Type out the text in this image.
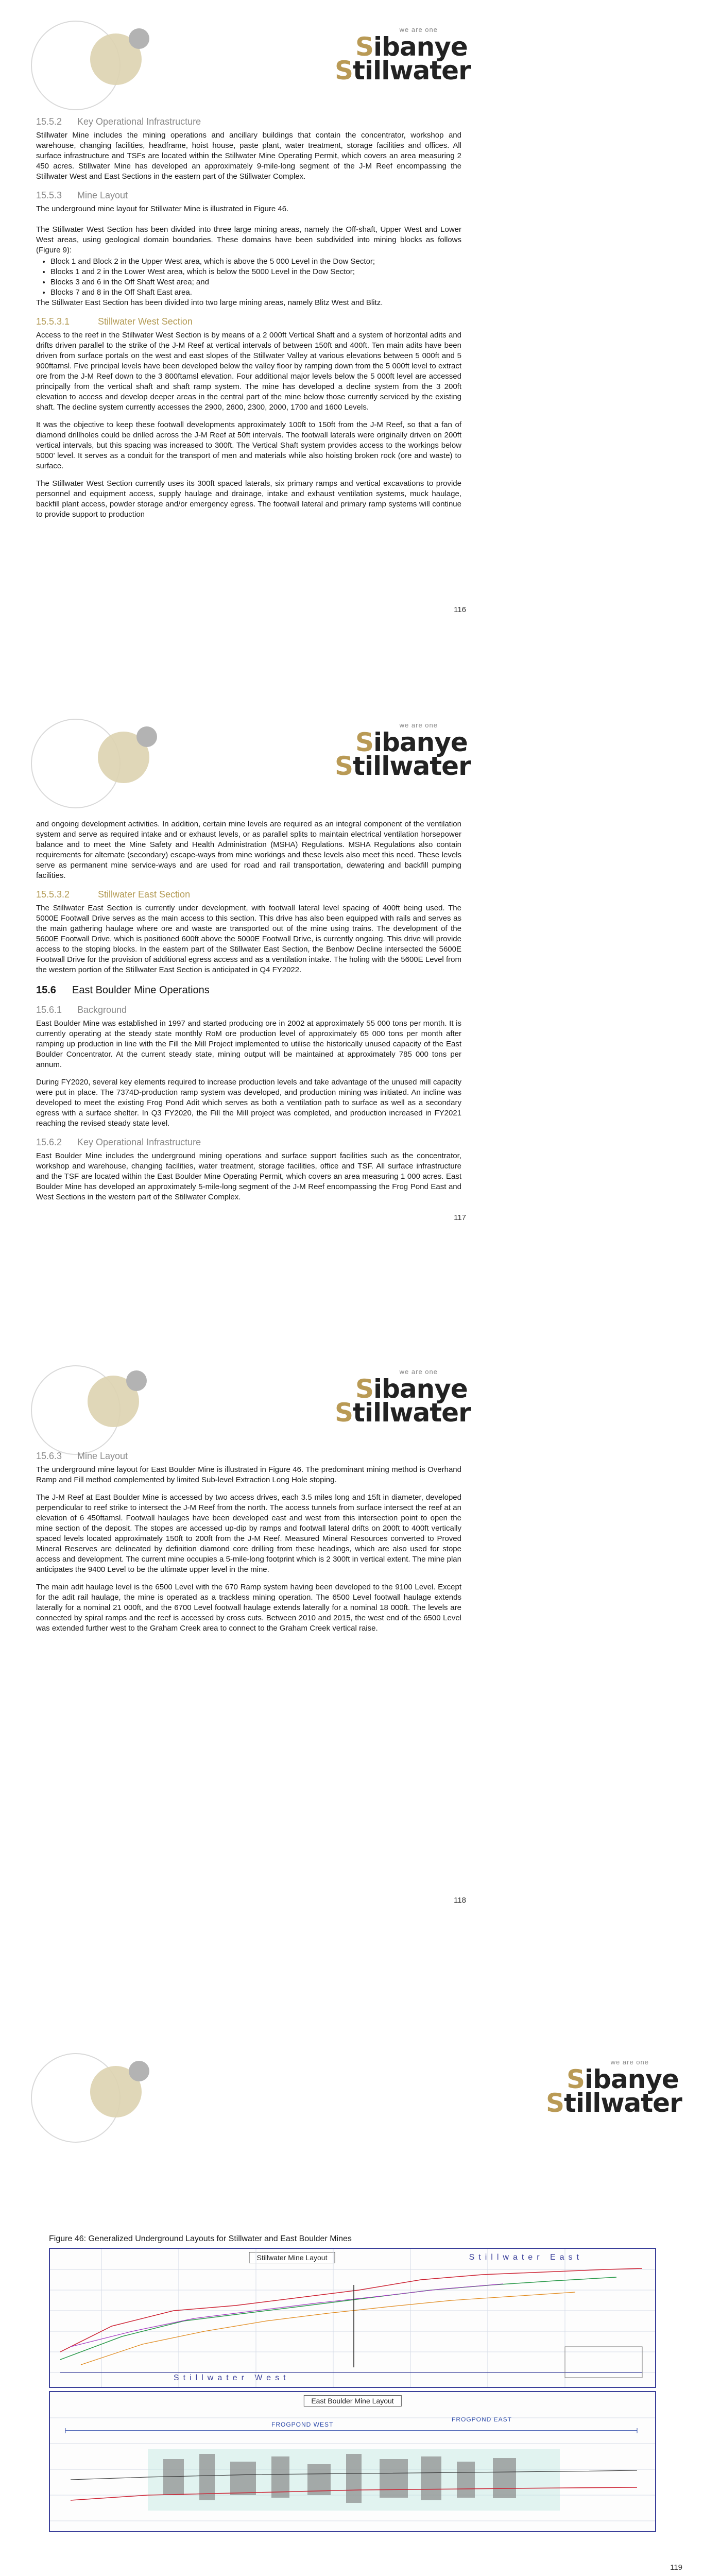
we are one
Sibanye
Stillwater
15.5.2 Key Operational Infrastructure

Stillwater Mine includes the mining operations and ancillary buildings that contain the concentrator, workshop and warehouse, changing facilities, headframe, hoist house, paste plant, water treatment, storage facilities and offices. All surface infrastructure and TSFs are located within the Stillwater Mine Operating Permit, which covers an area measuring 2 450 acres. Stillwater Mine has developed an approximately 9-mile-long segment of the J-M Reef encompassing the Stillwater West and East Sections in the eastern part of the Stillwater Complex.

15.5.3 Mine Layout

The underground mine layout for Stillwater Mine is illustrated in Figure 46.

The Stillwater West Section has been divided into three large mining areas, namely the Off-shaft, Upper West and Lower West areas, using geological domain boundaries. These domains have been subdivided into mining blocks as follows (Figure 9):

• Block 1 and Block 2 in the Upper West area, which is above the 5 000 Level in the Dow Sector;
• Blocks 1 and 2 in the Lower West area, which is below the 5000 Level in the Dow Sector;
• Blocks 3 and 6 in the Off Shaft West area; and
• Blocks 7 and 8 in the Off Shaft East area.

The Stillwater East Section has been divided into two large mining areas, namely Blitz West and Blitz.

15.5.3.1	Stillwater West Section

Access to the reef in the Stillwater West Section is by means of a 2 000ft Vertical Shaft and a system of horizontal adits and drifts driven parallel to the strike of the J-M Reef at vertical intervals of between 150ft and 400ft. Ten main adits have been driven from surface portals on the west and east slopes of the Stillwater Valley at various elevations between 5 000ft and 5 900ftamsl. Five principal levels have been developed below the valley floor by ramping down from the 5 000ft level to extract ore from the J-M Reef down to the 3 800ftamsl elevation. Four additional major levels below the 5 000ft level are accessed principally from the vertical shaft and shaft ramp system. The mine has developed a decline system from the 3 200ft elevation to access and develop deeper areas in the central part of the mine below those currently serviced by the existing shaft. The decline system currently accesses the 2900, 2600, 2300, 2000, 1700 and 1600 Levels.

It was the objective to keep these footwall developments approximately 100ft to 150ft from the J-M Reef, so that a fan of diamond drillholes could be drilled across the J-M Reef at 50ft intervals. The footwall laterals were originally driven on 200ft vertical intervals, but this spacing was increased to 300ft. The Vertical Shaft system provides access to the workings below 5000’ level. It serves as a conduit for the transport of men and materials while also hoisting broken rock (ore and waste) to surface.

The Stillwater West Section currently uses its 300ft spaced laterals, six primary ramps and vertical excavations to provide personnel and equipment access, supply haulage and drainage, intake and exhaust ventilation systems, muck haulage, backfill plant access, powder storage and/or emergency egress. The footwall lateral and primary ramp systems will continue to provide support to production

116
we are one
Sibanye
Stillwater

and ongoing development activities. In addition, certain mine levels are required as an integral component of the ventilation system and serve as required intake and or exhaust levels, or as parallel splits to maintain electrical ventilation horsepower balance and to meet the Mine Safety and Health Administration (MSHA) Regulations. MSHA Regulations also contain requirements for alternate (secondary) escape-ways from mine workings and these levels also meet this need. These levels serve as permanent mine service-ways and are used for road and rail transportation, dewatering and backfill pumping facilities.

15.5.3.2	Stillwater East Section

The Stillwater East Section is currently under development, with footwall lateral level spacing of 400ft being used. The 5000E Footwall Drive serves as the main access to this section. This drive has also been equipped with rails and serves as the main gathering haulage where ore and waste are transported out of the mine using trains. The development of the 5600E Footwall Drive, which is positioned 600ft above the 5000E Footwall Drive, is currently ongoing. This drive will provide access to the stoping blocks. In the eastern part of the Stillwater East Section, the Benbow Decline intersected the 5600E Footwall Drive for the provision of additional egress access and as a ventilation intake. The holing with the 5600E Level from the western portion of the Stillwater East Section is anticipated in Q4 FY2022.

15.6 East Boulder Mine Operations
15.6.1 Background

East Boulder Mine was established in 1997 and started producing ore in 2002 at approximately 55 000 tons per month. It is currently operating at the steady state monthly RoM ore production level of approximately 65 000 tons per month after ramping up production in line with the Fill the Mill Project implemented to utilise the historically unused capacity of the East Boulder Concentrator. At the current steady state, mining output will be maintained at approximately 785 000 tons per annum.

During FY2020, several key elements required to increase production levels and take advantage of the unused mill capacity were put in place. The 7374D-production ramp system was developed, and production mining was initiated. An incline was developed to meet the existing Frog Pond Adit which serves as both a ventilation path to surface as well as a secondary egress with a surface shelter. In Q3 FY2020, the Fill the Mill project was completed, and production increased in FY2021 reaching the revised steady state level.

15.6.2 Key Operational Infrastructure

East Boulder Mine includes the underground mining operations and surface support facilities such as the concentrator, workshop and warehouse, changing facilities, water treatment, storage facilities, office and TSF. All surface infrastructure and the TSF are located within the East Boulder Mine Operating Permit, which covers an area measuring 1 000 acres. East Boulder Mine has developed an approximately 5-mile-long segment of the J-M Reef encompassing the Frog Pond East and West Sections in the western part of the Stillwater Complex.

117
we are one
Sibanye
Stillwater
15.6.3 Mine Layout

The underground mine layout for East Boulder Mine is illustrated in Figure 46. The predominant mining method is Overhand Ramp and Fill method complemented by limited Sub-level Extraction Long Hole stoping.

The J-M Reef at East Boulder Mine is accessed by two access drives, each 3.5 miles long and 15ft in diameter, developed perpendicular to reef strike to intersect the J-M Reef from the north. The access tunnels from surface intersect the reef at an elevation of 6 450ftamsl. Footwall haulages have been developed east and west from this intersection point to open the mine section of the deposit. The stopes are accessed up-dip by ramps and footwall lateral drifts on 200ft to 400ft vertically spaced levels located approximately 150ft to 200ft from the J-M Reef. Measured Mineral Resources converted to Proved Mineral Reserves are delineated by definition diamond core drilling from these headings, which are also used for stope access and development. The current mine occupies a 5-mile-long footprint which is 2 300ft in vertical extent. The mine plan anticipates the 9400 Level to be the ultimate upper level in the mine.

The main adit haulage level is the 6500 Level with the 670 Ramp system having been developed to the 9100 Level. Except for the adit rail haulage, the mine is operated as a trackless mining operation. The 6500 Level footwall haulage extends laterally for a nominal 21 000ft, and the 6700 Level footwall haulage extends laterally for a nominal 18 000ft. The levels are connected by spiral ramps and the reef is accessed by cross cuts. Between 2010 and 2015, the west end of the 6500 Level was extended further west to the Graham Creek area to connect to the Graham Creek vertical raise.

118
we are one
Sibanye
Stillwater
Figure 46: Generalized Underground Layouts for Stillwater and East Boulder Mines
Stillwater Mine Layout	Stillwater East
Stillwater West
East Boulder Mine Layout
FROGPOND WEST
FROGPOND EAST
119
